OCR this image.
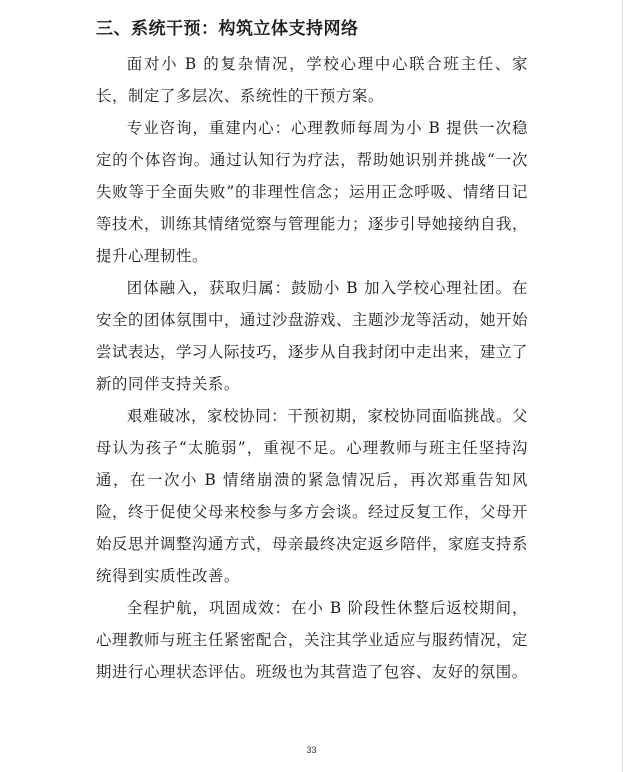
三、系统干预：构筑立体支持网络

面对小 B 的复杂情况，学校心理中心联合班主任、家长，制定了多层次、系统性的干预方案。

专业咨询，重建内心：心理教师每周为小 B 提供一次稳定的个体咨询。通过认知行为疗法，帮助她识别并挑战“一次失败等于全面失败”的非理性信念；运用正念呼吸、情绪日记等技术，训练其情绪觉察与管理能力；逐步引导她接纳自我，提升心理韧性。

团体融入，获取归属：鼓励小 B 加入学校心理社团。在安全的团体氛围中，通过沙盘游戏、主题沙龙等活动，她开始尝试表达，学习人际技巧，逐步从自我封闭中走出来，建立了新的同伴支持关系。

艰难破冰，家校协同：干预初期，家校协同面临挑战。父母认为孩子“太脆弱”，重视不足。心理教师与班主任坚持沟通，在一次小 B 情绪崩溃的紧急情况后，再次郑重告知风险，终于促使父母来校参与多方会谈。经过反复工作，父母开始反思并调整沟通方式，母亲最终决定返乡陪伴，家庭支持系统得到实质性改善。

全程护航，巩固成效：在小 B 阶段性休整后返校期间，心理教师与班主任紧密配合，关注其学业适应与服药情况，定期进行心理状态评估。班级也为其营造了包容、友好的氛围。

33
